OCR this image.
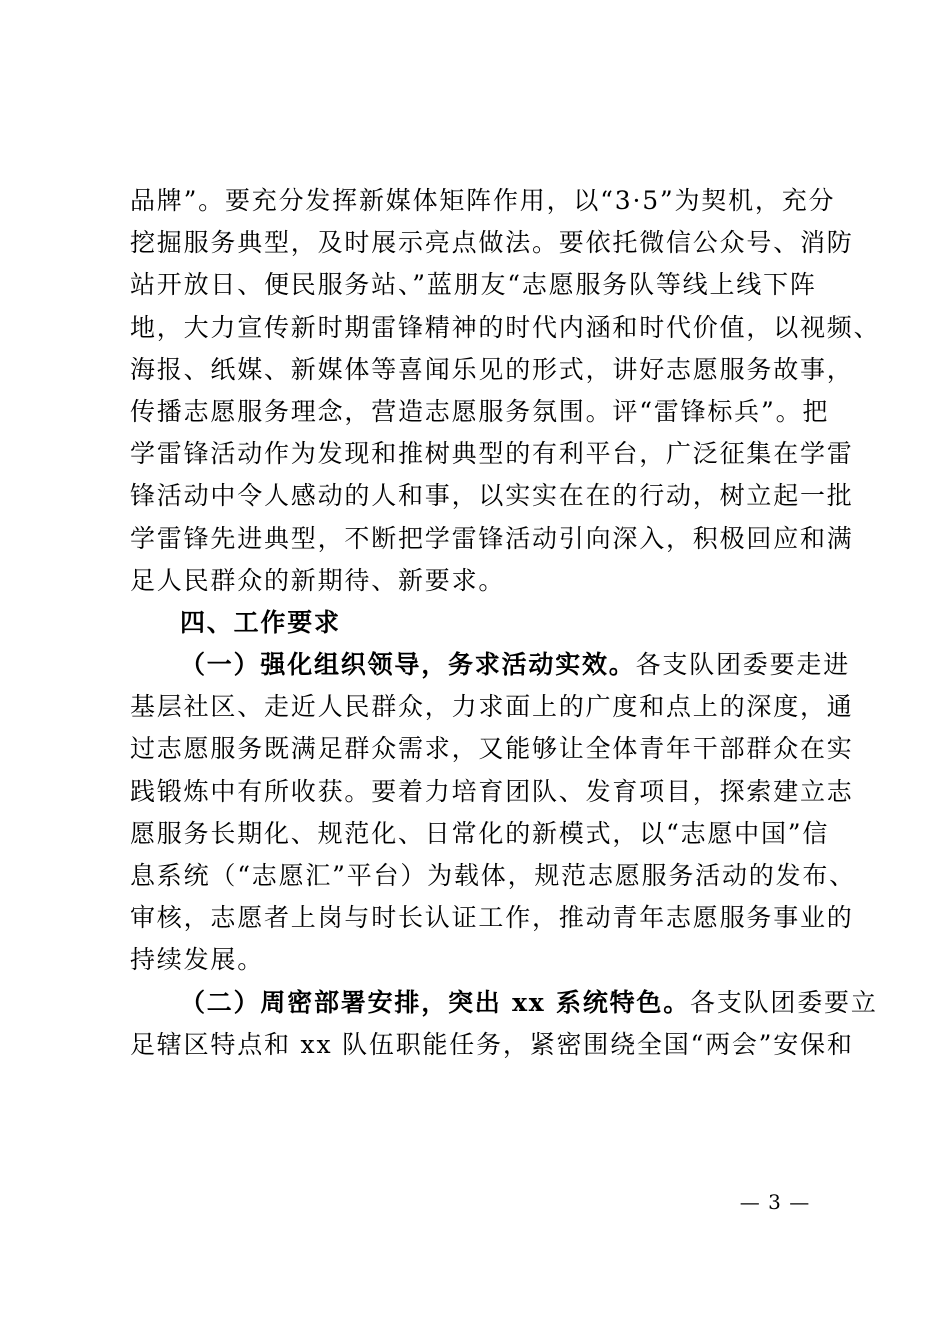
品牌”。要充分发挥新媒体矩阵作用，以“3·5”为契机，充分
挖掘服务典型，及时展示亮点做法。要依托微信公众号、消防
站开放日、便民服务站、”蓝朋友“志愿服务队等线上线下阵
地，大力宣传新时期雷锋精神的时代内涵和时代价值，以视频、
海报、纸媒、新媒体等喜闻乐见的形式，讲好志愿服务故事，
传播志愿服务理念，营造志愿服务氛围。评“雷锋标兵”。把
学雷锋活动作为发现和推树典型的有利平台，广泛征集在学雷
锋活动中令人感动的人和事，以实实在在的行动，树立起一批
学雷锋先进典型，不断把学雷锋活动引向深入，积极回应和满
足人民群众的新期待、新要求。
四、工作要求
（一）强化组织领导，务求活动实效。各支队团委要走进
基层社区、走近人民群众，力求面上的广度和点上的深度，通
过志愿服务既满足群众需求，又能够让全体青年干部群众在实
践锻炼中有所收获。要着力培育团队、发育项目，探索建立志
愿服务长期化、规范化、日常化的新模式，以“志愿中国”信
息系统（“志愿汇”平台）为载体，规范志愿服务活动的发布、
审核，志愿者上岗与时长认证工作，推动青年志愿服务事业的
持续发展。
（二）周密部署安排，突出 xx 系统特色。各支队团委要立
足辖区特点和 xx 队伍职能任务，紧密围绕全国“两会”安保和
— 3 —
